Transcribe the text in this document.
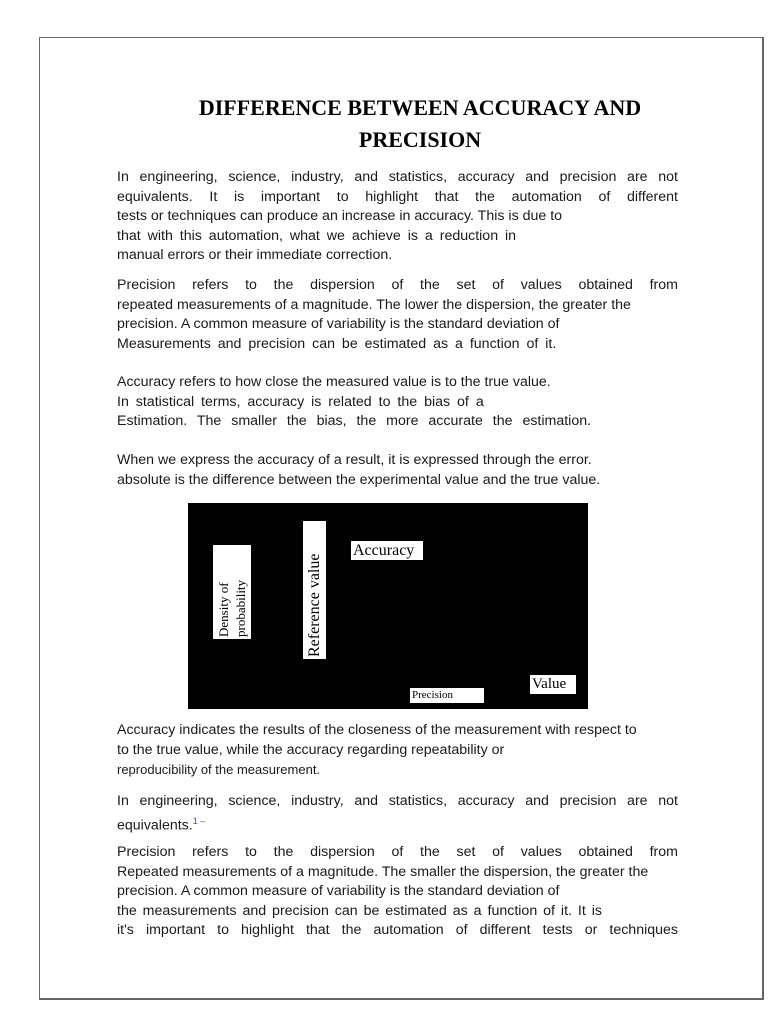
DIFFERENCE BETWEEN ACCURACY AND
PRECISION
In engineering, science, industry, and statistics, accuracy and precision are not
equivalents. It is important to highlight that the automation of different
tests or techniques can produce an increase in accuracy. This is due to
that with this automation, what we achieve is a reduction in
manual errors or their immediate correction.
Precision refers to the dispersion of the set of values obtained from
repeated measurements of a magnitude. The lower the dispersion, the greater the
precision. A common measure of variability is the standard deviation of
Measurements and precision can be estimated as a function of it.
Accuracy refers to how close the measured value is to the true value.
In statistical terms, accuracy is related to the bias of a
Estimation. The smaller the bias, the more accurate the estimation.
When we express the accuracy of a result, it is expressed through the error.
absolute is the difference between the experimental value and the true value.
Density of probability	Reference value
Accuracy
Precision
Value
Accuracy indicates the results of the closeness of the measurement with respect to
to the true value, while the accuracy regarding repeatability or
reproducibility of the measurement.
In engineering, science, industry, and statistics, accuracy and precision are not
equivalents.$^1$ –
Precision refers to the dispersion of the set of values obtained from
Repeated measurements of a magnitude. The smaller the dispersion, the greater the
precision. A common measure of variability is the standard deviation of
the measurements and precision can be estimated as a function of it. It is
it's important to highlight that the automation of different tests or techniques
